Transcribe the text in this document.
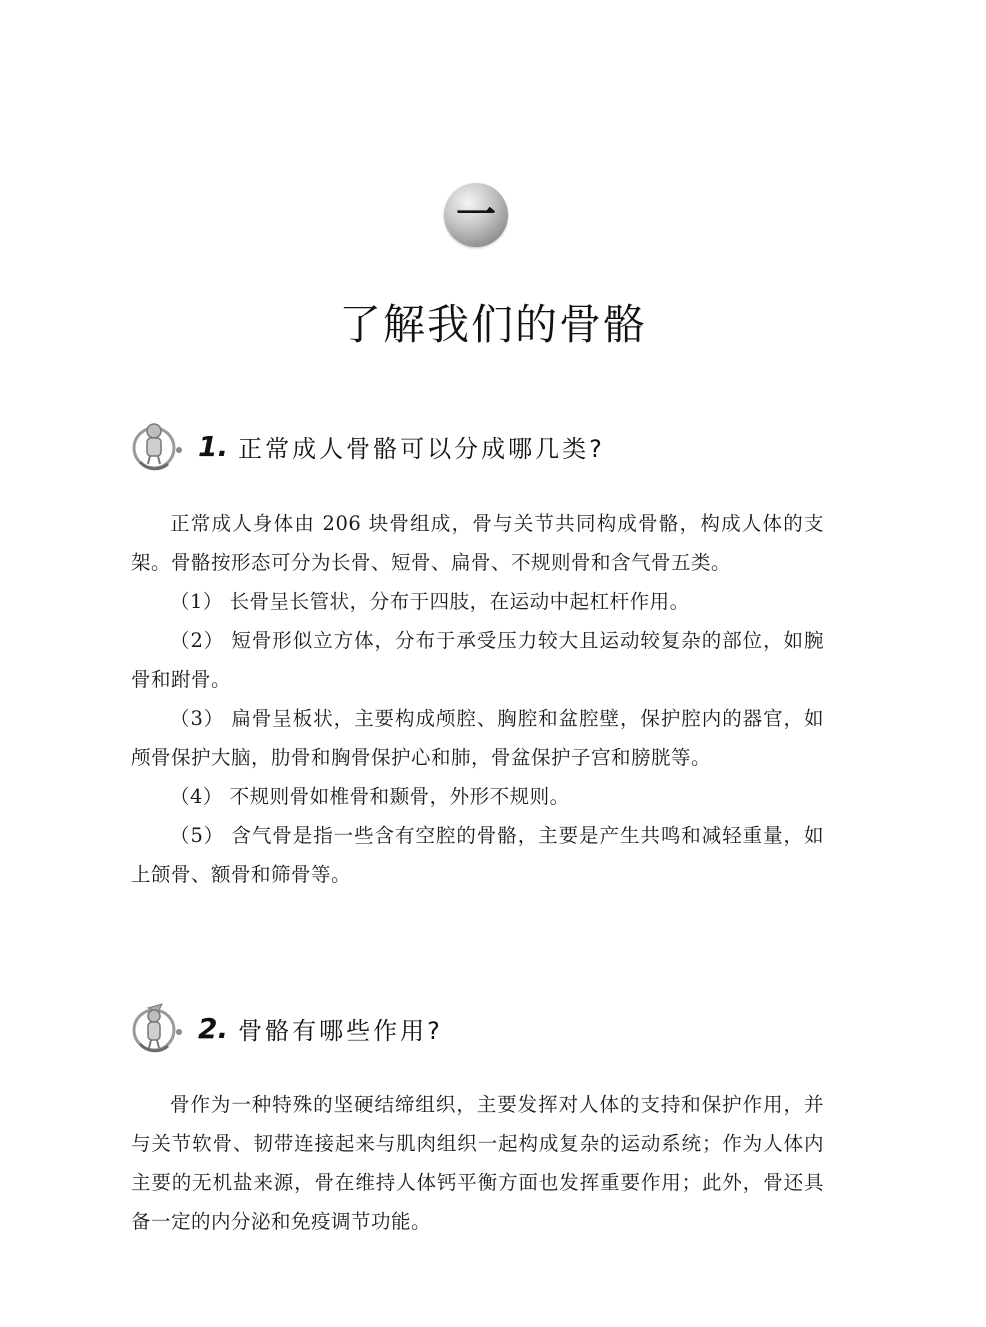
一
了解我们的骨骼
1. 正常成人骨骼可以分成哪几类?

正常成人身体由 206 块骨组成，骨与关节共同构成骨骼，构成人体的支架。骨骼按形态可分为长骨、短骨、扁骨、不规则骨和含气骨五类。

（1） 长骨呈长管状，分布于四肢，在运动中起杠杆作用。

（2） 短骨形似立方体，分布于承受压力较大且运动较复杂的部位，如腕骨和跗骨。

（3） 扁骨呈板状，主要构成颅腔、胸腔和盆腔壁，保护腔内的器官，如颅骨保护大脑，肋骨和胸骨保护心和肺，骨盆保护子宫和膀胱等。

（4） 不规则骨如椎骨和颞骨，外形不规则。

（5） 含气骨是指一些含有空腔的骨骼，主要是产生共鸣和减轻重量，如上颌骨、额骨和筛骨等。

2. 骨骼有哪些作用?

骨作为一种特殊的坚硬结缔组织，主要发挥对人体的支持和保护作用，并与关节软骨、韧带连接起来与肌肉组织一起构成复杂的运动系统；作为人体内主要的无机盐来源，骨在维持人体钙平衡方面也发挥重要作用；此外，骨还具备一定的内分泌和免疫调节功能。
